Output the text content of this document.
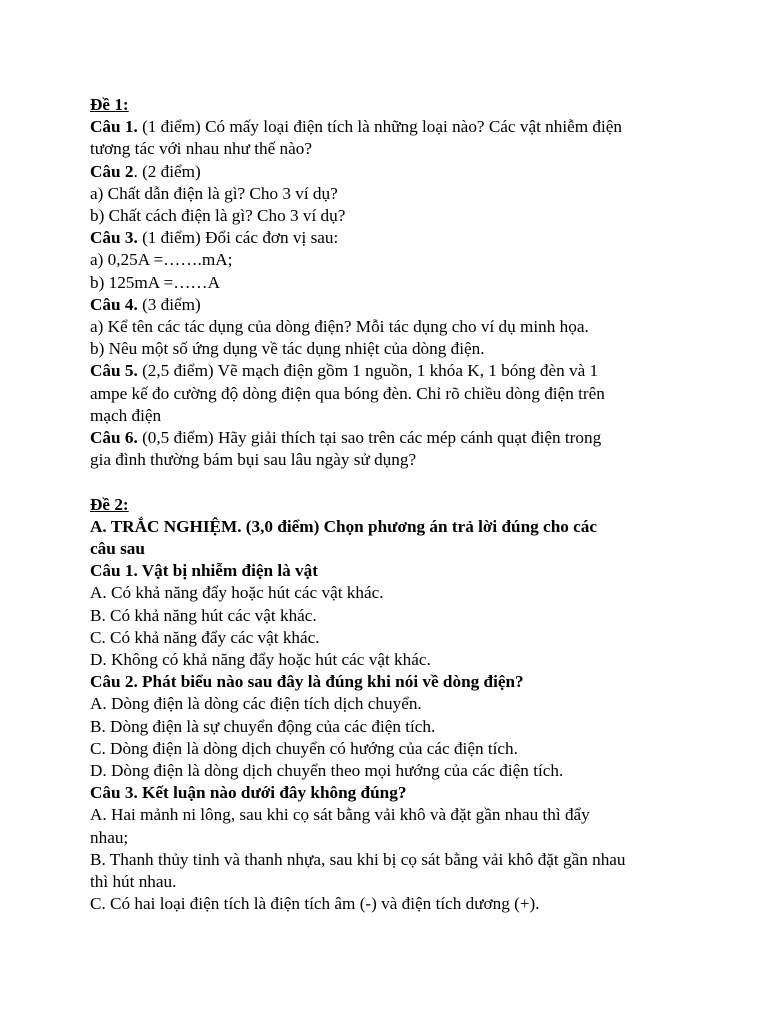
Đề 1:
Câu 1. (1 điểm) Có mấy loại điện tích là những loại nào? Các vật nhiễm điện
tương tác với nhau như thế nào?
Câu 2. (2 điểm)
a) Chất dẫn điện là gì? Cho 3 ví dụ?
b) Chất cách điện là gì? Cho 3 ví dụ?
Câu 3. (1 điểm) Đổi các đơn vị sau:
a) 0,25A =…….mA;
b) 125mA =……A
Câu 4. (3 điểm)
a) Kể tên các tác dụng của dòng điện? Mỗi tác dụng cho ví dụ minh họa.
b) Nêu một số ứng dụng về tác dụng nhiệt của dòng điện.
Câu 5. (2,5 điểm) Vẽ mạch điện gồm 1 nguồn, 1 khóa K, 1 bóng đèn và 1
ampe kế đo cường độ dòng điện qua bóng đèn. Chỉ rõ chiều dòng điện trên
mạch điện
Câu 6. (0,5 điểm) Hãy giải thích tại sao trên các mép cánh quạt điện trong
gia đình thường bám bụi sau lâu ngày sử dụng?
Đề 2:
A. TRẮC NGHIỆM. (3,0 điểm) Chọn phương án trả lời đúng cho các
câu sau
Câu 1. Vật bị nhiễm điện là vật
A. Có khả năng đẩy hoặc hút các vật khác.
B. Có khả năng hút các vật khác.
C. Có khả năng đẩy các vật khác.
D. Không có khả năng đẩy hoặc hút các vật khác.
Câu 2. Phát biểu nào sau đây là đúng khi nói về dòng điện?
A. Dòng điện là dòng các điện tích dịch chuyển.
B. Dòng điện là sự chuyển động của các điện tích.
C. Dòng điện là dòng dịch chuyển có hướng của các điện tích.
D. Dòng điện là dòng dịch chuyển theo mọi hướng của các điện tích.
Câu 3. Kết luận nào dưới đây không đúng?
A. Hai mảnh ni lông, sau khi cọ sát bằng vải khô và đặt gần nhau thì đẩy
nhau;
B. Thanh thủy tinh và thanh nhựa, sau khi bị cọ sát bằng vải khô đặt gần nhau
thì hút nhau.
C. Có hai loại điện tích là điện tích âm (-) và điện tích dương (+).
